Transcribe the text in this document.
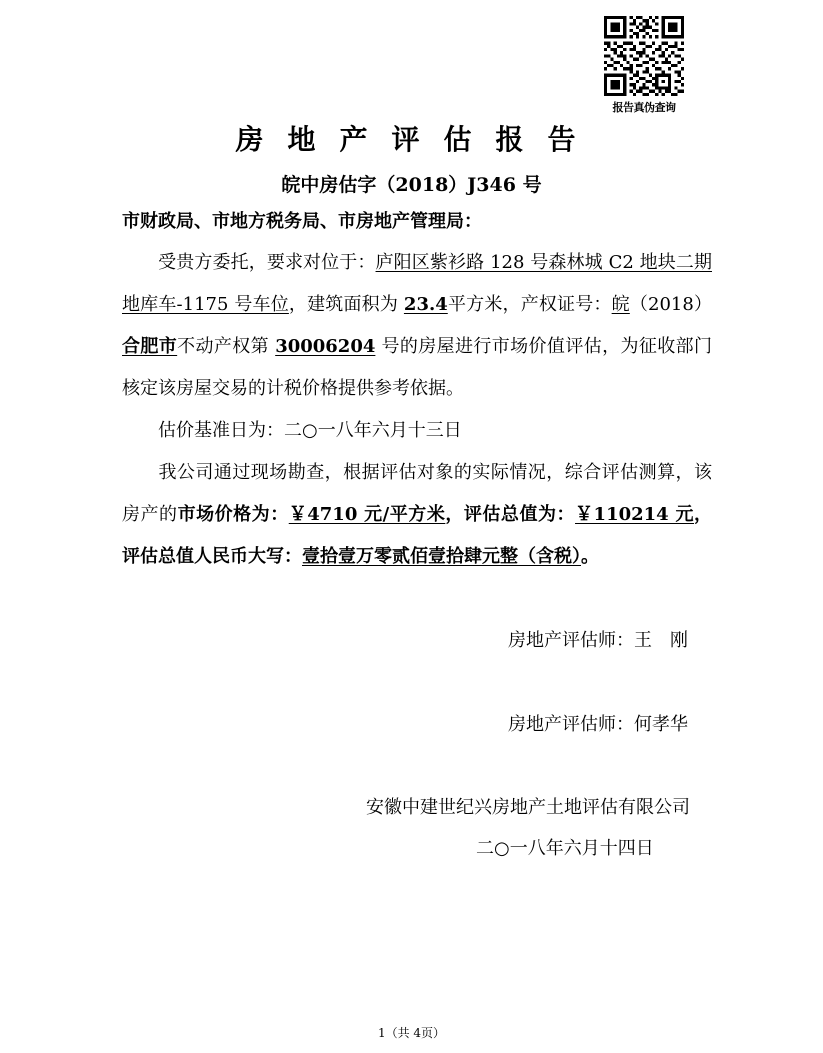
报告真伪查询
房地产评估报告
皖中房估字（2018）J346 号
市财政局、市地方税务局、市房地产管理局：
受贵方委托，要求对位于：庐阳区紫衫路 128 号森林城 C2 地块二期地库车-1175 号车位，建筑面积为 23.4平方米，产权证号：皖（2018）合肥市不动产权第 30006204 号的房屋进行市场价值评估，为征收部门核定该房屋交易的计税价格提供参考依据。
估价基准日为：二○一八年六月十三日
我公司通过现场勘查，根据评估对象的实际情况，综合评估测算，该房产的市场价格为：￥4710 元/平方米，评估总值为：￥110214 元，评估总值人民币大写：壹拾壹万零贰佰壹拾肆元整（含税）。
房地产评估师：王　刚
房地产评估师：何孝华
安徽中建世纪兴房地产土地评估有限公司
二○一八年六月十四日
1（共 4页）
